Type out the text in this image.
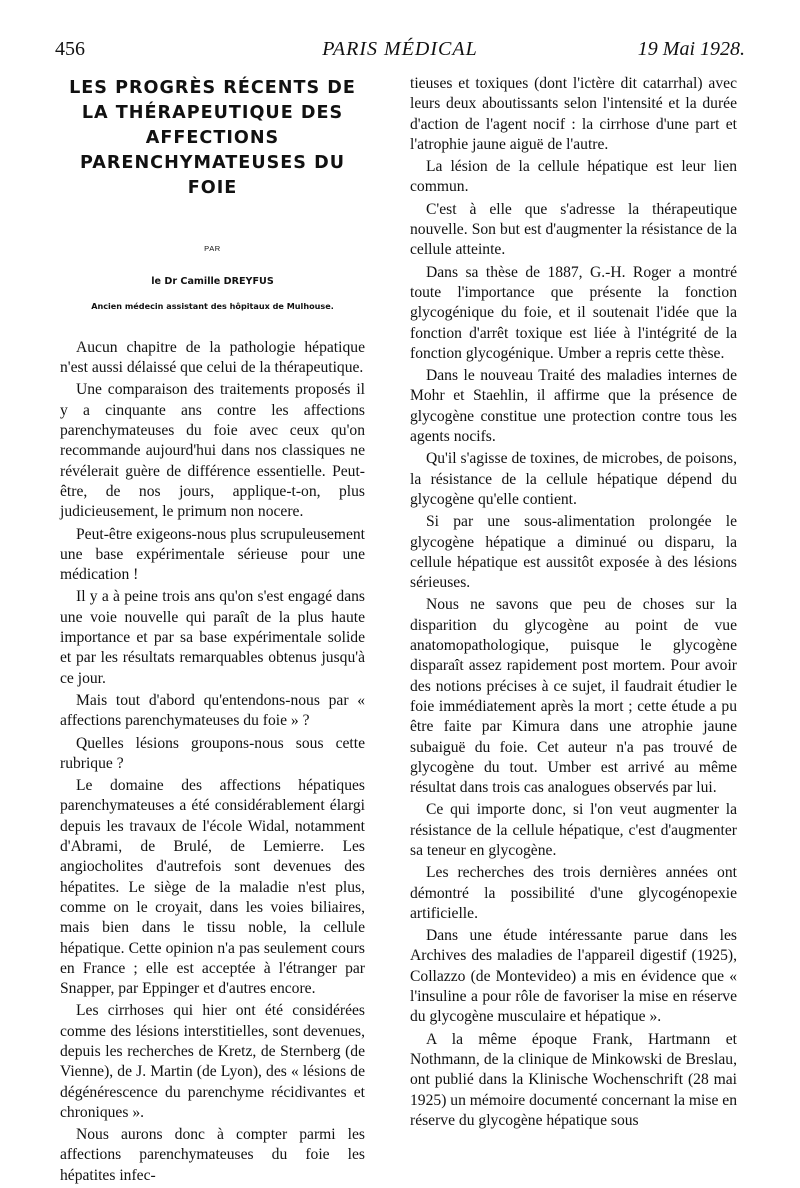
456	PARIS MÉDICAL	19 Mai 1928.
LES PROGRÈS RÉCENTS DE LA THÉRAPEUTIQUE DES AFFECTIONS PARENCHYMATEUSES DU FOIE
PAR
le Dr Camille DREYFUS
Ancien médecin assistant des hôpitaux de Mulhouse.

Aucun chapitre de la pathologie hépatique n'est aussi délaissé que celui de la thérapeutique.

Une comparaison des traitements proposés il y a cinquante ans contre les affections parenchymateuses du foie avec ceux qu'on recommande aujourd'hui dans nos classiques ne révélerait guère de différence essentielle. Peut-être, de nos jours, applique-t-on, plus judicieusement, le primum non nocere.

Peut-être exigeons-nous plus scrupuleusement une base expérimentale sérieuse pour une médication !

Il y a à peine trois ans qu'on s'est engagé dans une voie nouvelle qui paraît de la plus haute importance et par sa base expérimentale solide et par les résultats remarquables obtenus jusqu'à ce jour.

Mais tout d'abord qu'entendons-nous par « affections parenchymateuses du foie » ?

Quelles lésions groupons-nous sous cette rubrique ?

Le domaine des affections hépatiques parenchymateuses a été considérablement élargi depuis les travaux de l'école Widal, notamment d'Abrami, de Brulé, de Lemierre. Les angiocholites d'autrefois sont devenues des hépatites. Le siège de la maladie n'est plus, comme on le croyait, dans les voies biliaires, mais bien dans le tissu noble, la cellule hépatique. Cette opinion n'a pas seulement cours en France ; elle est acceptée à l'étranger par Snapper, par Eppinger et d'autres encore.

Les cirrhoses qui hier ont été considérées comme des lésions interstitielles, sont devenues, depuis les recherches de Kretz, de Sternberg (de Vienne), de J. Martin (de Lyon), des « lésions de dégénérescence du parenchyme récidivantes et chroniques ».

Nous aurons donc à compter parmi les affections parenchymateuses du foie les hépatites infec-

tieuses et toxiques (dont l'ictère dit catarrhal) avec leurs deux aboutissants selon l'intensité et la durée d'action de l'agent nocif : la cirrhose d'une part et l'atrophie jaune aiguë de l'autre.

La lésion de la cellule hépatique est leur lien commun.

C'est à elle que s'adresse la thérapeutique nouvelle. Son but est d'augmenter la résistance de la cellule atteinte.

Dans sa thèse de 1887, G.-H. Roger a montré toute l'importance que présente la fonction glycogénique du foie, et il soutenait l'idée que la fonction d'arrêt toxique est liée à l'intégrité de la fonction glycogénique. Umber a repris cette thèse.

Dans le nouveau Traité des maladies internes de Mohr et Staehlin, il affirme que la présence de glycogène constitue une protection contre tous les agents nocifs.

Qu'il s'agisse de toxines, de microbes, de poisons, la résistance de la cellule hépatique dépend du glycogène qu'elle contient.

Si par une sous-alimentation prolongée le glycogène hépatique a diminué ou disparu, la cellule hépatique est aussitôt exposée à des lésions sérieuses.

Nous ne savons que peu de choses sur la disparition du glycogène au point de vue anatomopathologique, puisque le glycogène disparaît assez rapidement post mortem. Pour avoir des notions précises à ce sujet, il faudrait étudier le foie immédiatement après la mort ; cette étude a pu être faite par Kimura dans une atrophie jaune subaiguë du foie. Cet auteur n'a pas trouvé de glycogène du tout. Umber est arrivé au même résultat dans trois cas analogues observés par lui.

Ce qui importe donc, si l'on veut augmenter la résistance de la cellule hépatique, c'est d'augmenter sa teneur en glycogène.

Les recherches des trois dernières années ont démontré la possibilité d'une glycogénopexie artificielle.

Dans une étude intéressante parue dans les Archives des maladies de l'appareil digestif (1925), Collazzo (de Montevideo) a mis en évidence que « l'insuline a pour rôle de favoriser la mise en réserve du glycogène musculaire et hépatique ».

A la même époque Frank, Hartmann et Nothmann, de la clinique de Minkowski de Breslau, ont publié dans la Klinische Wochenschrift (28 mai 1925) un mémoire documenté concernant la mise en réserve du glycogène hépatique sous
